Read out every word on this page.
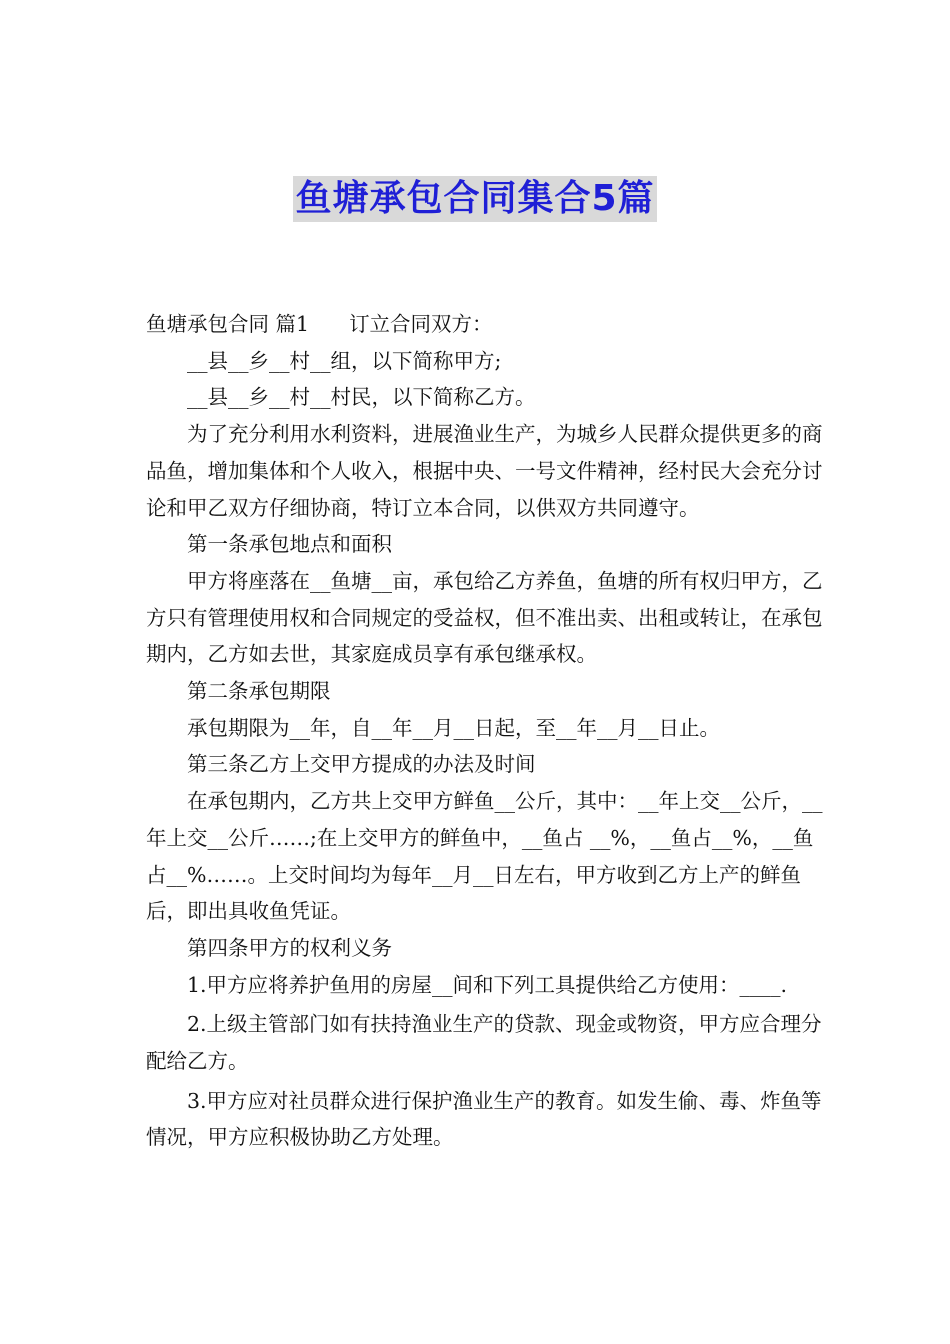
鱼塘承包合同集合5篇

鱼塘承包合同 篇1 订立合同双方：

__县__乡__村__组，以下简称甲方;

__县__乡__村__村民，以下简称乙方。

为了充分利用水利资料，进展渔业生产，为城乡人民群众提供更多的商品鱼，增加集体和个人收入，根据中央、一号文件精神，经村民大会充分讨论和甲乙双方仔细协商，特订立本合同，以供双方共同遵守。

第一条承包地点和面积

甲方将座落在__鱼塘__亩，承包给乙方养鱼，鱼塘的所有权归甲方，乙方只有管理使用权和合同规定的受益权，但不准出卖、出租或转让，在承包期内，乙方如去世，其家庭成员享有承包继承权。

第二条承包期限

承包期限为__年，自__年__月__日起，至__年__月__日止。

第三条乙方上交甲方提成的办法及时间

在承包期内，乙方共上交甲方鲜鱼__公斤，其中：__年上交__公斤，__年上交__公斤……;在上交甲方的鲜鱼中，__鱼占 __%，__鱼占__%，__鱼占__%……。上交时间均为每年__月__日左右，甲方收到乙方上产的鲜鱼后，即出具收鱼凭证。

第四条甲方的权利义务

1.甲方应将养护鱼用的房屋__间和下列工具提供给乙方使用：____.

2.上级主管部门如有扶持渔业生产的贷款、现金或物资，甲方应合理分配给乙方。

3.甲方应对社员群众进行保护渔业生产的教育。如发生偷、毒、炸鱼等情况，甲方应积极协助乙方处理。
